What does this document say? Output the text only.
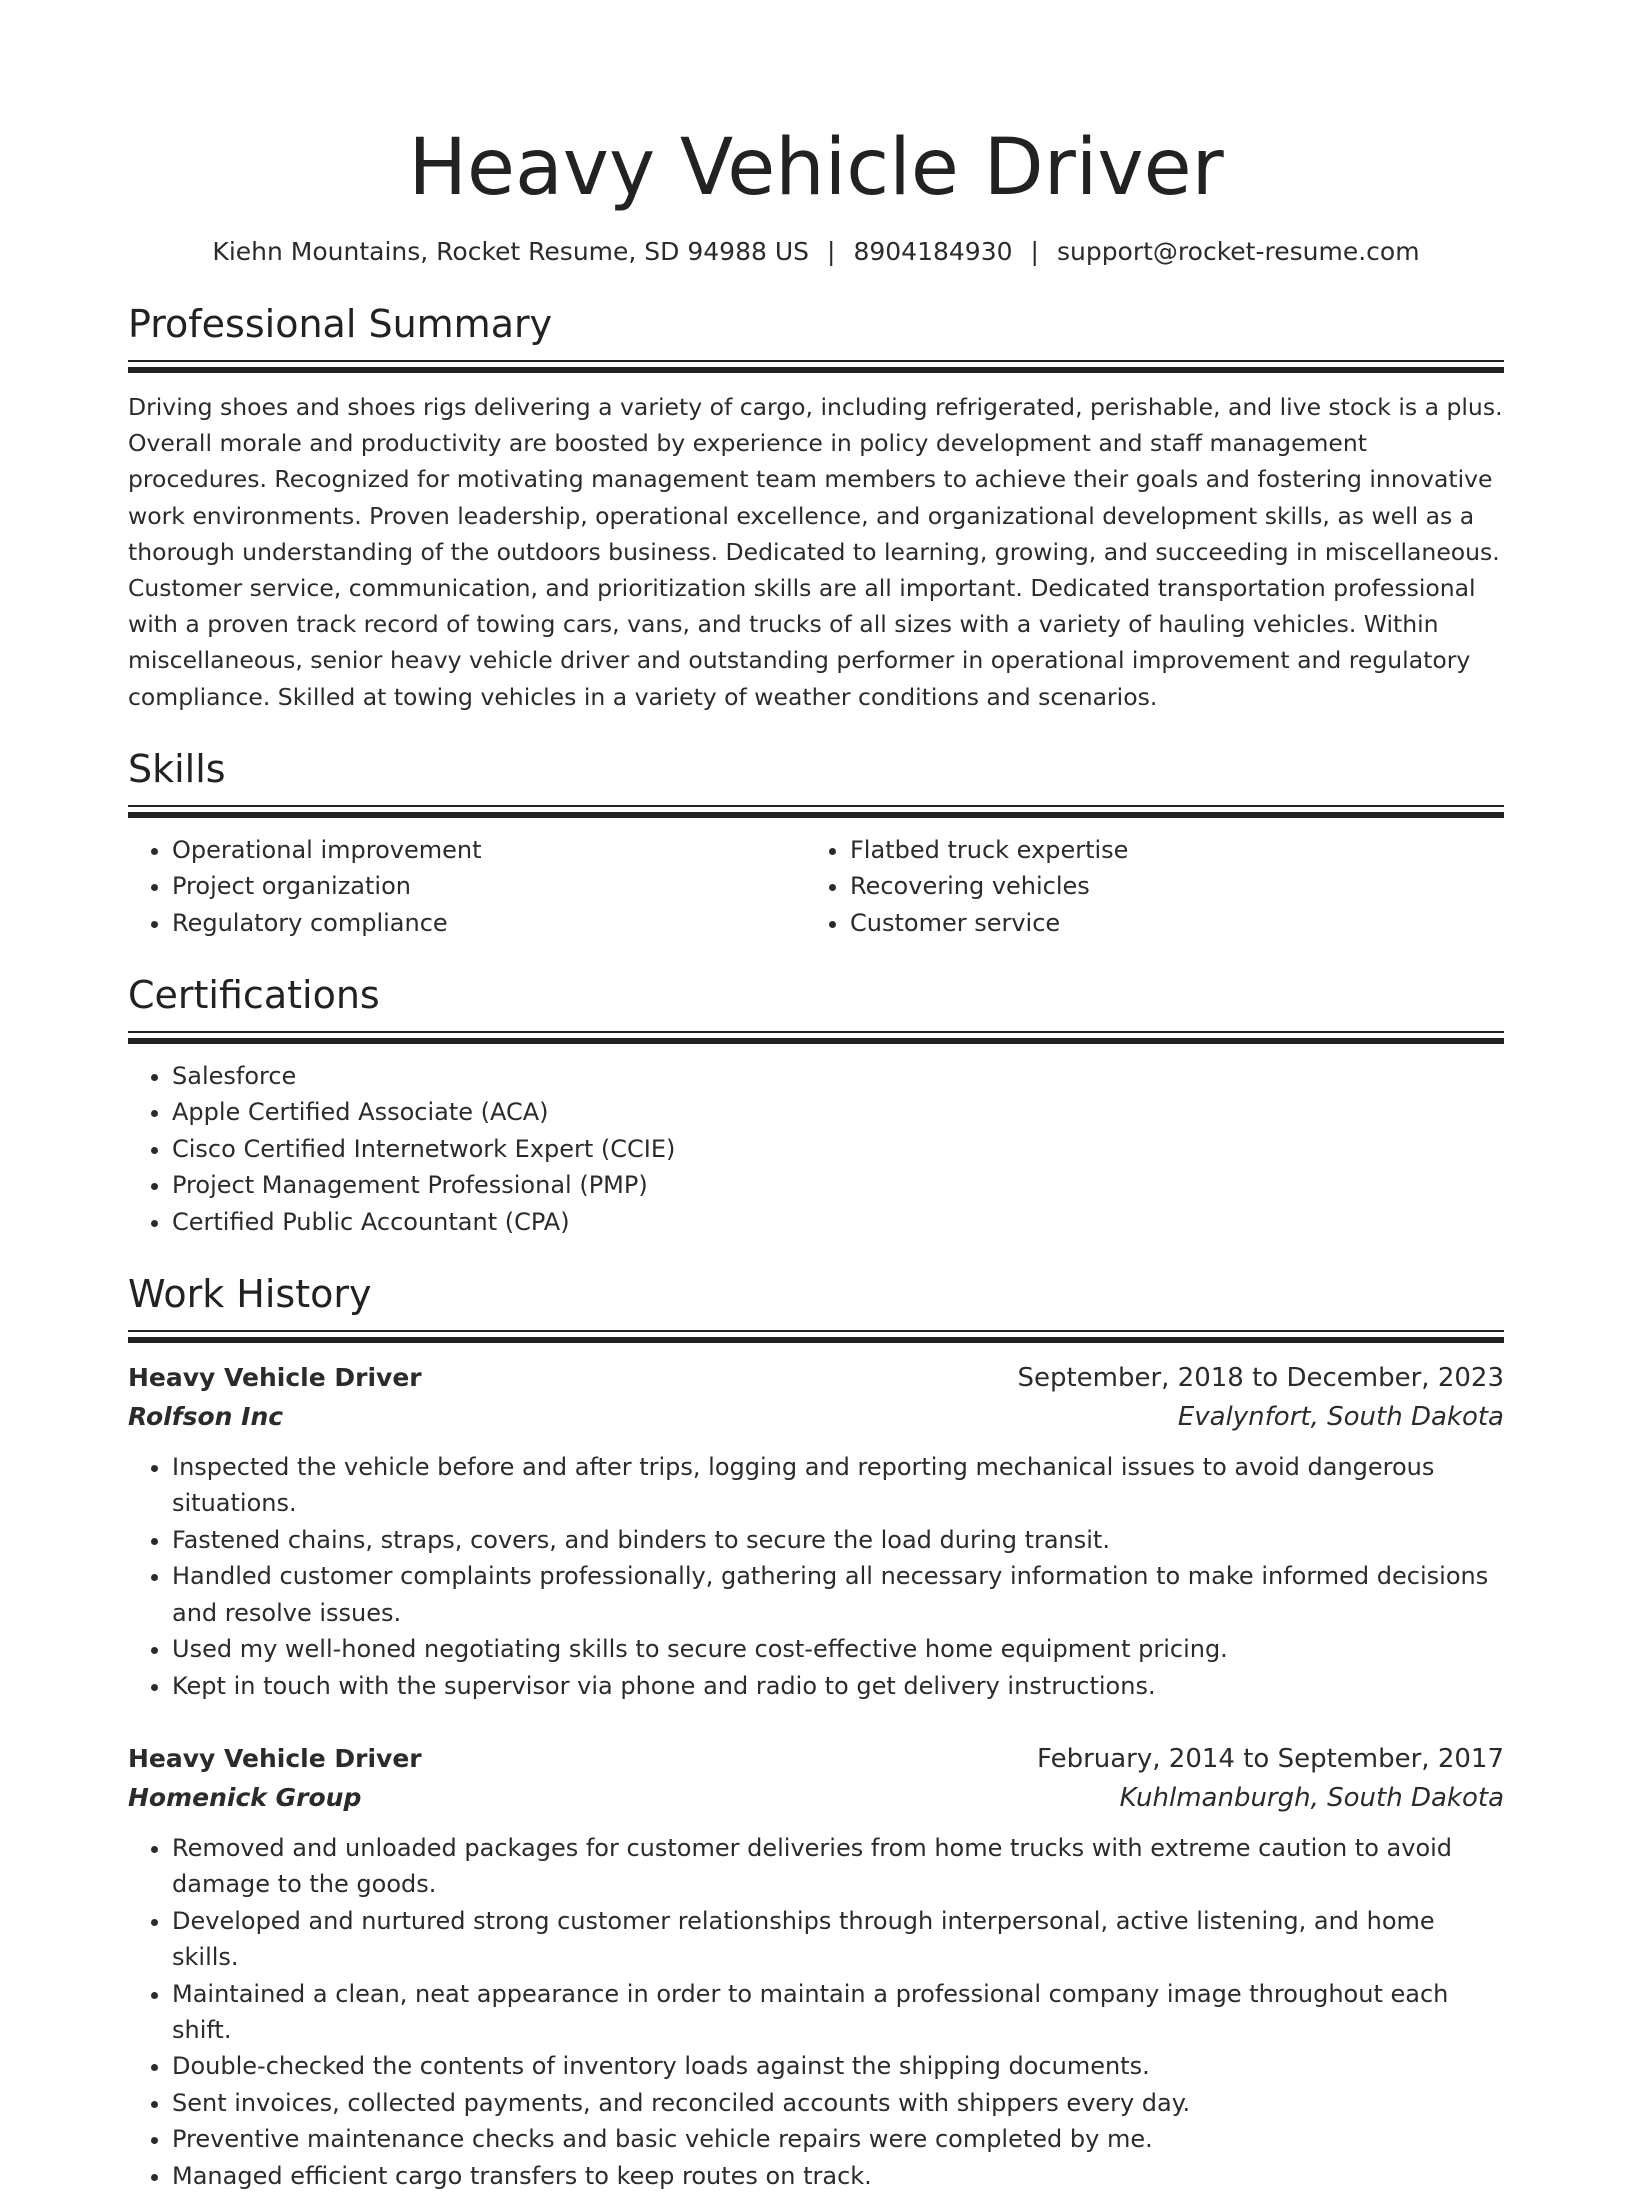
Heavy Vehicle Driver
Kiehn Mountains, Rocket Resume, SD 94988 US | 8904184930 | support@rocket-resume.com
Professional Summary
Driving shoes and shoes rigs delivering a variety of cargo, including refrigerated, perishable, and live stock is a plus. Overall morale and productivity are boosted by experience in policy development and staff management procedures. Recognized for motivating management team members to achieve their goals and fostering innovative work environments. Proven leadership, operational excellence, and organizational development skills, as well as a thorough understanding of the outdoors business. Dedicated to learning, growing, and succeeding in miscellaneous. Customer service, communication, and prioritization skills are all important. Dedicated transportation professional with a proven track record of towing cars, vans, and trucks of all sizes with a variety of hauling vehicles. Within miscellaneous, senior heavy vehicle driver and outstanding performer in operational improvement and regulatory compliance. Skilled at towing vehicles in a variety of weather conditions and scenarios.
Skills
• Operational improvement
• Project organization
• Regulatory compliance
• Flatbed truck expertise
• Recovering vehicles
• Customer service
Certifications
• Salesforce
• Apple Certified Associate (ACA)
• Cisco Certified Internetwork Expert (CCIE)
• Project Management Professional (PMP)
• Certified Public Accountant (CPA)
Work History
Heavy Vehicle Driver	September, 2018 to December, 2023
Rolfson Inc	Evalynfort, South Dakota
• Inspected the vehicle before and after trips, logging and reporting mechanical issues to avoid dangerous situations.
• Fastened chains, straps, covers, and binders to secure the load during transit.
• Handled customer complaints professionally, gathering all necessary information to make informed decisions and resolve issues.
• Used my well-honed negotiating skills to secure cost-effective home equipment pricing.
• Kept in touch with the supervisor via phone and radio to get delivery instructions.
Heavy Vehicle Driver	February, 2014 to September, 2017
Homenick Group	Kuhlmanburgh, South Dakota
• Removed and unloaded packages for customer deliveries from home trucks with extreme caution to avoid damage to the goods.
• Developed and nurtured strong customer relationships through interpersonal, active listening, and home skills.
• Maintained a clean, neat appearance in order to maintain a professional company image throughout each shift.
• Double-checked the contents of inventory loads against the shipping documents.
• Sent invoices, collected payments, and reconciled accounts with shippers every day.
• Preventive maintenance checks and basic vehicle repairs were completed by me.
• Managed efficient cargo transfers to keep routes on track.
